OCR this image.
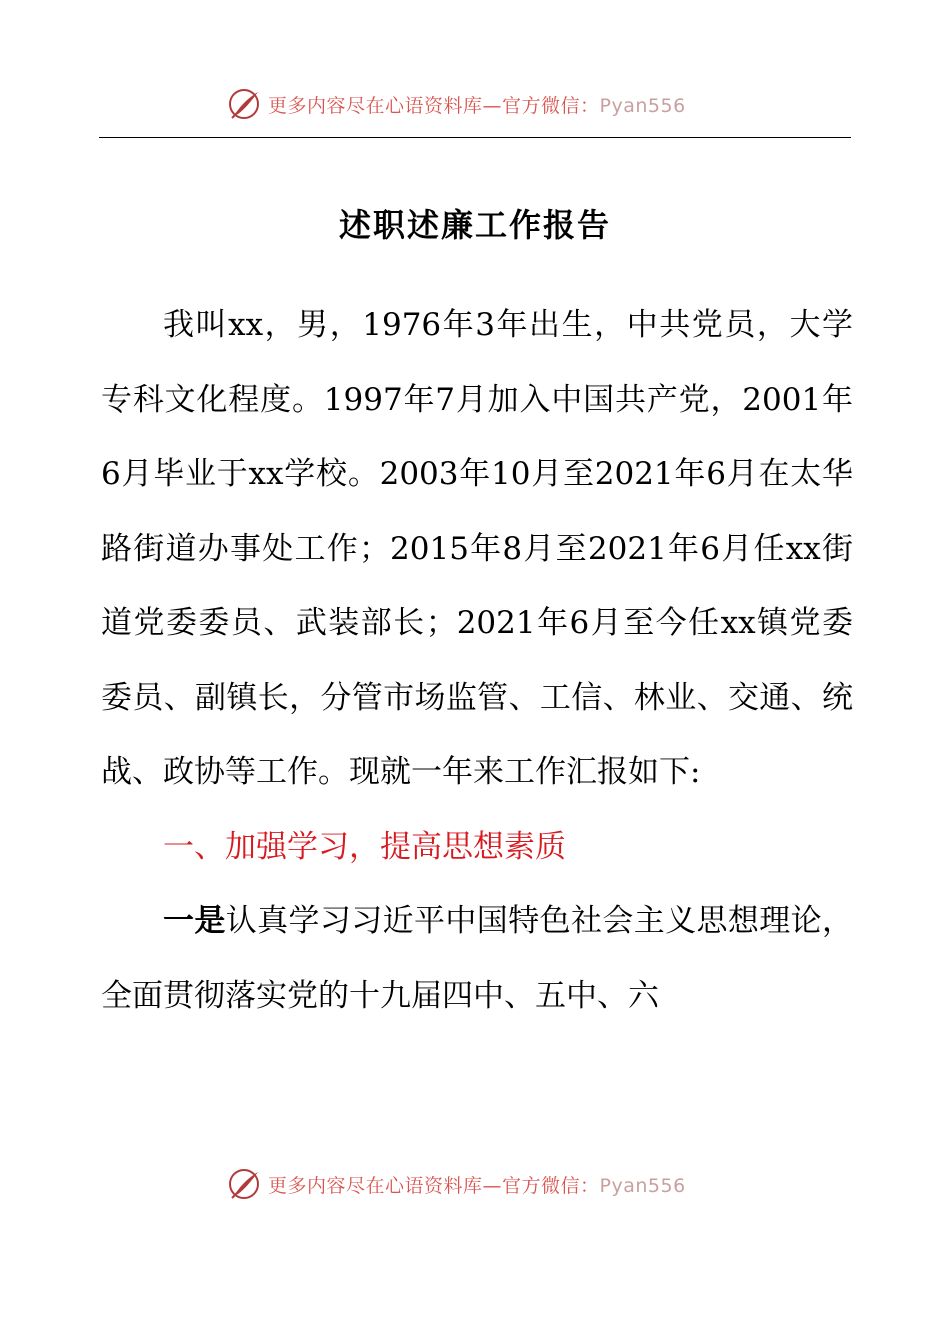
更多内容尽在心语资料库—官方微信：Pyan556
述职述廉工作报告

我叫xx，男，1976年3年出生，中共党员，大学专科文化程度。1997年7月加入中国共产党，2001年6月毕业于xx学校。2003年10月至2021年6月在太华路街道办事处工作；2015年8月至2021年6月任xx街道党委委员、武装部长；2021年6月至今任xx镇党委委员、副镇长，分管市场监管、工信、林业、交通、统战、政协等工作。现就一年来工作汇报如下:

一、加强学习，提高思想素质

一是认真学习习近平中国特色社会主义思想理论，全面贯彻落实党的十九届四中、五中、六

更多内容尽在心语资料库—官方微信：Pyan556
